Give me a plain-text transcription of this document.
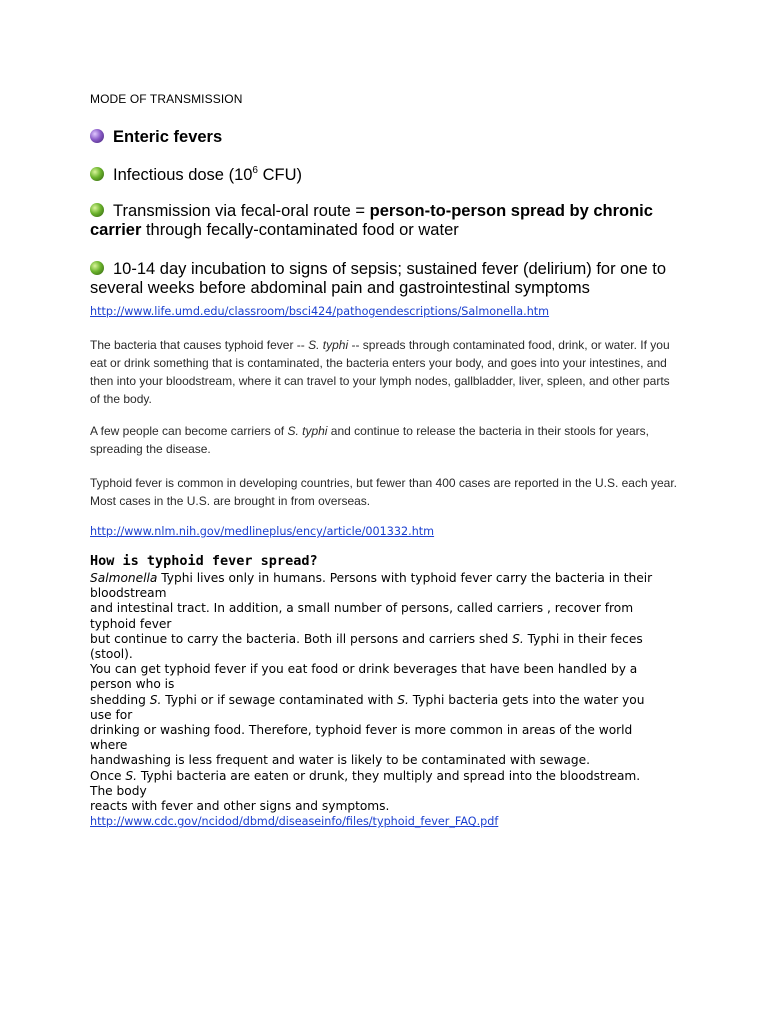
MODE OF TRANSMISSION
Enteric fevers
Infectious dose ($10^6$ CFU)
Transmission via fecal-oral route = person-to-person spread by chronic carrier through fecally-contaminated food or water
10-14 day incubation to signs of sepsis; sustained fever (delirium) for one to several weeks before abdominal pain and gastrointestinal symptoms
http://www.life.umd.edu/classroom/bsci424/pathogendescriptions/Salmonella.htm
The bacteria that causes typhoid fever -- S. typhi -- spreads through contaminated food, drink, or water. If you eat or drink something that is contaminated, the bacteria enters your body, and goes into your intestines, and then into your bloodstream, where it can travel to your lymph nodes, gallbladder, liver, spleen, and other parts of the body.
A few people can become carriers of S. typhi and continue to release the bacteria in their stools for years, spreading the disease.
Typhoid fever is common in developing countries, but fewer than 400 cases are reported in the U.S. each year. Most cases in the U.S. are brought in from overseas.
http://www.nlm.nih.gov/medlineplus/ency/article/001332.htm
How is typhoid fever spread?
Salmonella Typhi lives only in humans. Persons with typhoid fever carry the bacteria in their
bloodstream
and intestinal tract. In addition, a small number of persons, called carriers , recover from
typhoid fever
but continue to carry the bacteria. Both ill persons and carriers shed S. Typhi in their feces
(stool).
You can get typhoid fever if you eat food or drink beverages that have been handled by a
person who is
shedding S. Typhi or if sewage contaminated with S. Typhi bacteria gets into the water you
use for
drinking or washing food. Therefore, typhoid fever is more common in areas of the world
where
handwashing is less frequent and water is likely to be contaminated with sewage.
Once S. Typhi bacteria are eaten or drunk, they multiply and spread into the bloodstream.
The body
reacts with fever and other signs and symptoms.
http://www.cdc.gov/ncidod/dbmd/diseaseinfo/files/typhoid_fever_FAQ.pdf
